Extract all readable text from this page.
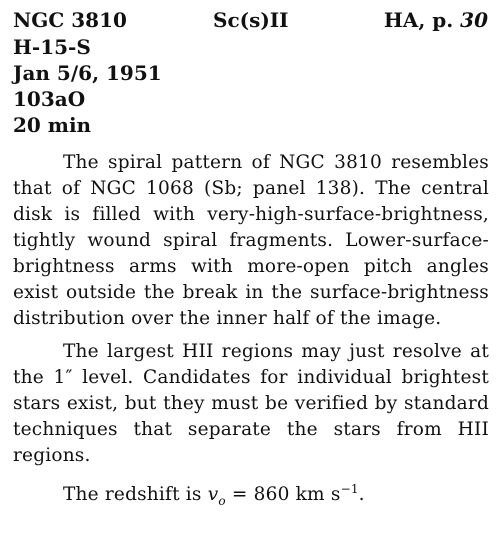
NGC 3810	Sc(s)II	HA, p. 30
H-15-S
Jan 5/6, 1951
103aO
20 min

The spiral pattern of NGC 3810 resembles that of NGC 1068 (Sb; panel 138). The central disk is filled with very-high-surface-brightness, tightly wound spiral fragments. Lower-surface-brightness arms with more-open pitch angles exist outside the break in the surface-brightness distribution over the inner half of the image.

The largest HII regions may just resolve at the 1″ level. Candidates for individual brightest stars exist, but they must be verified by standard techniques that separate the stars from HII regions.

The redshift is $v_o = 860$ km $s^{-1}$.
